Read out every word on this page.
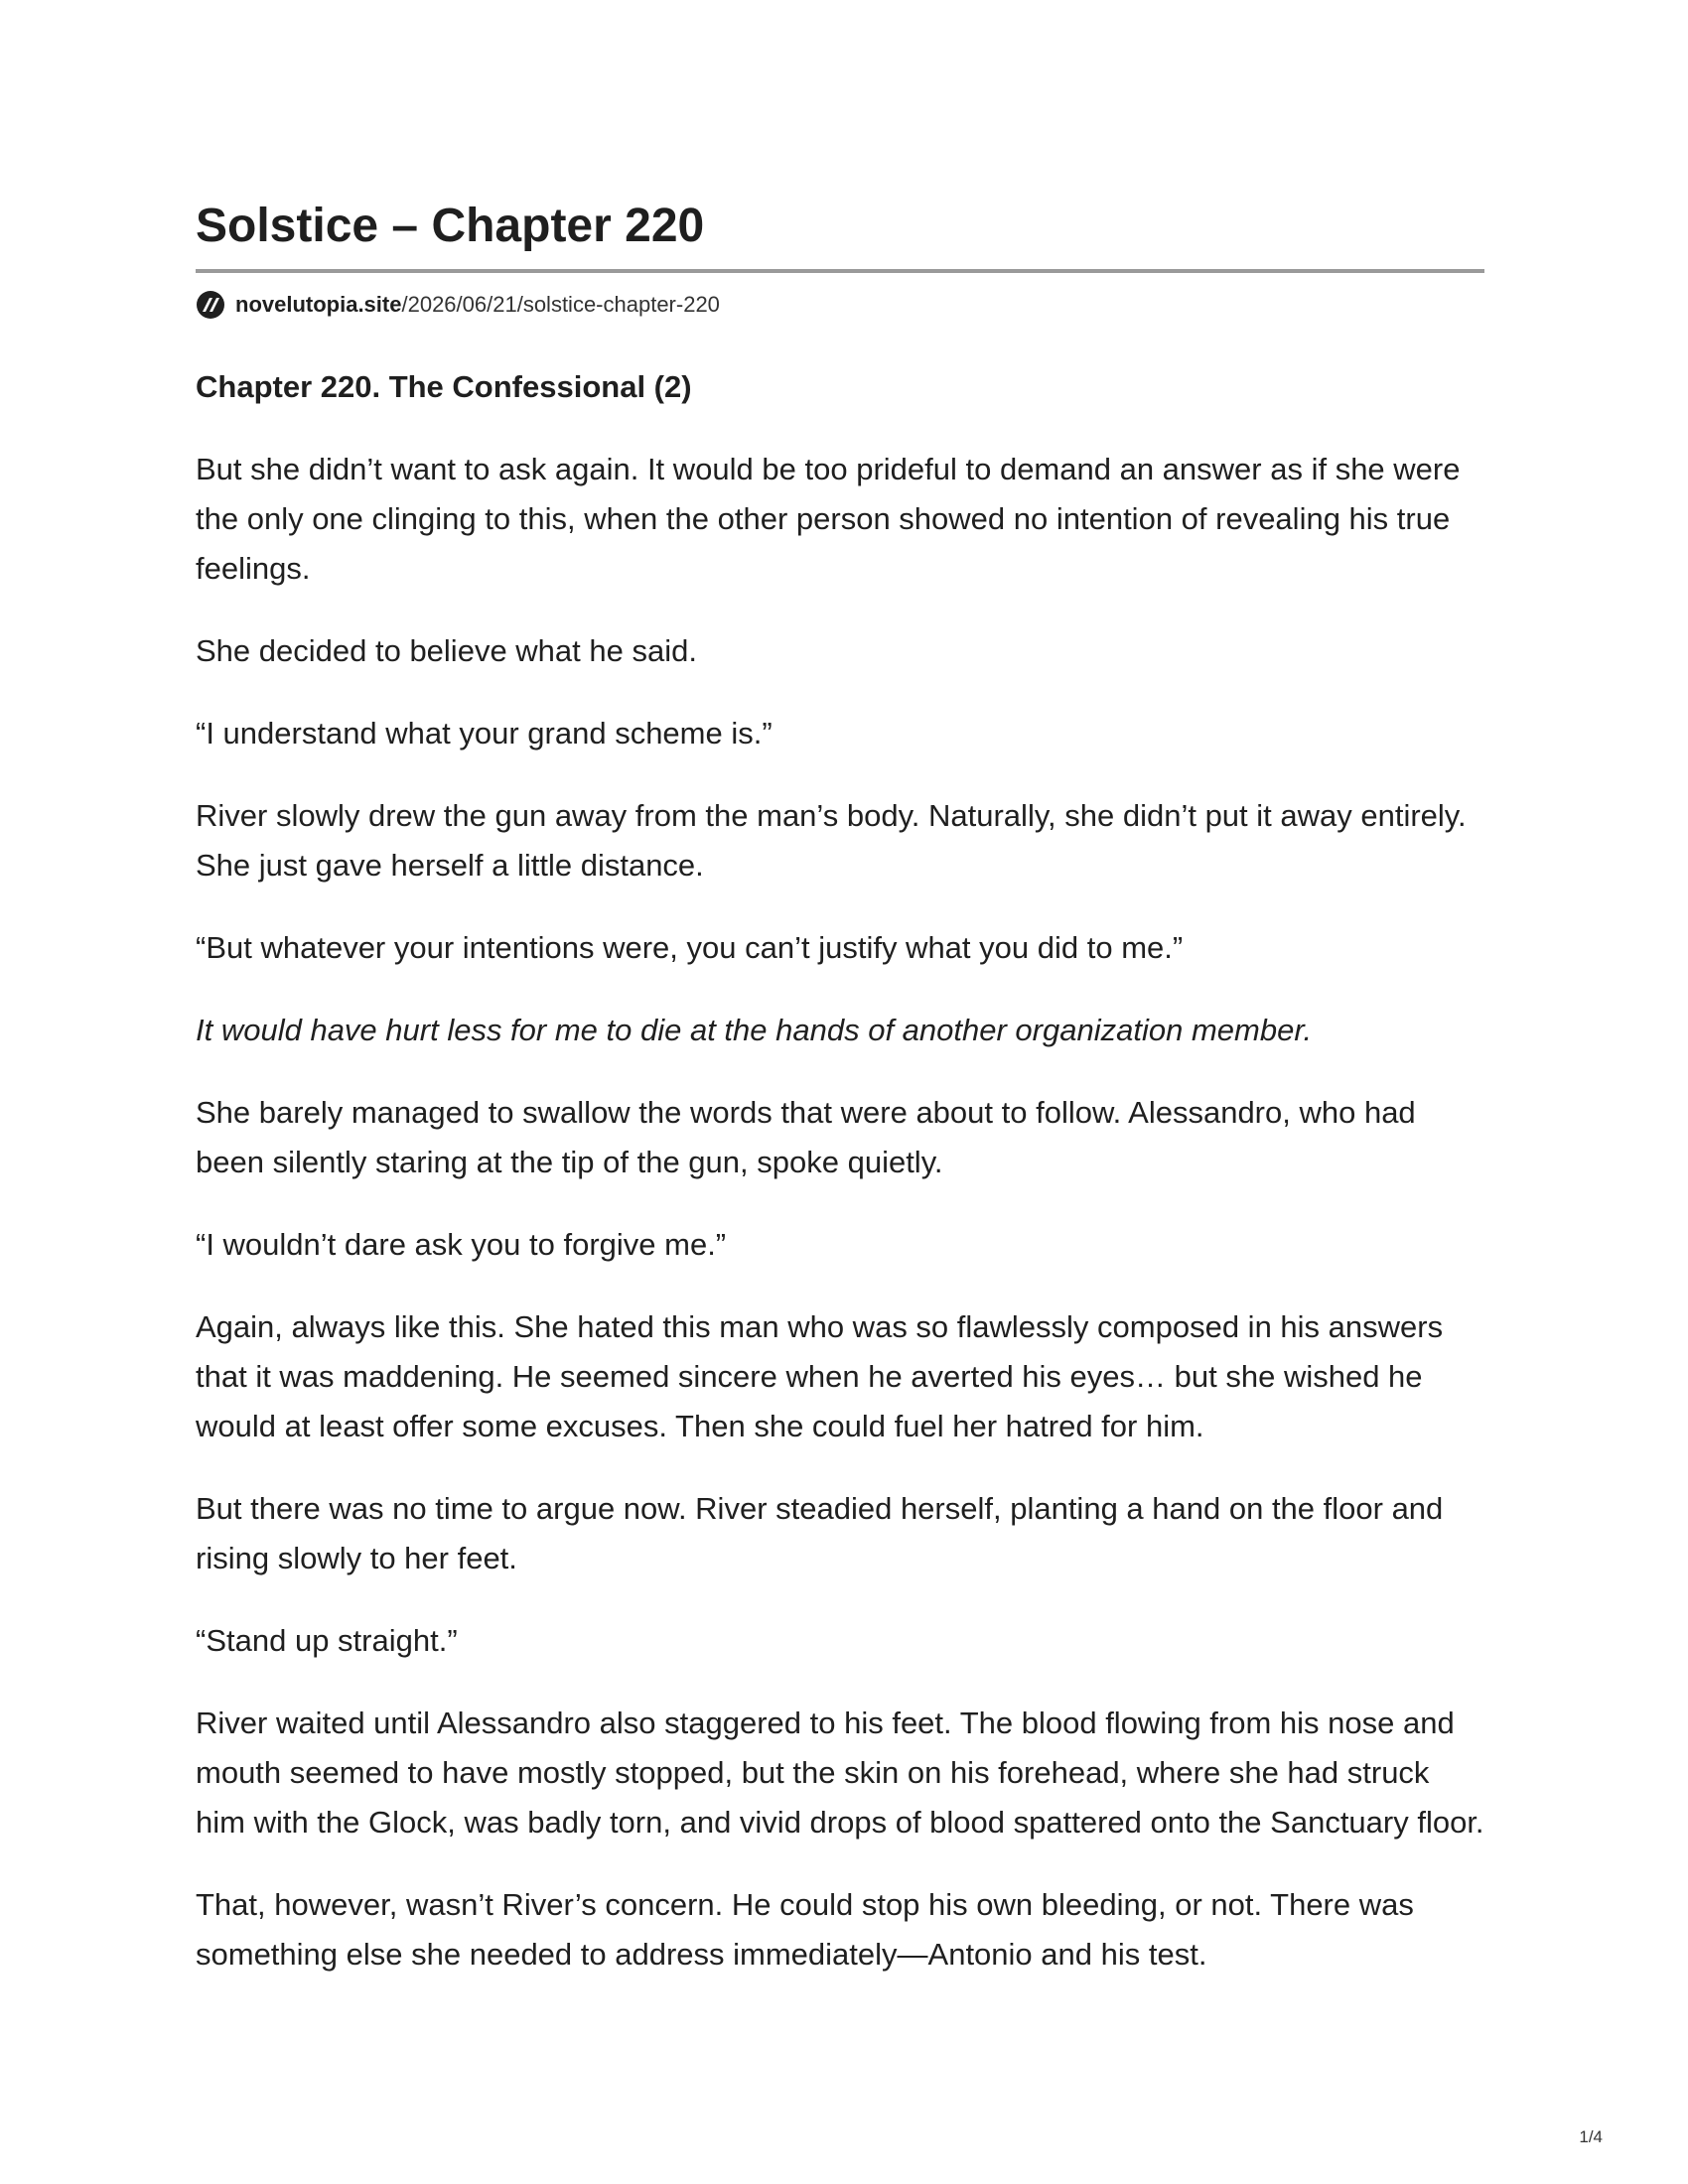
Solstice – Chapter 220
novelutopia.site /2026/06/21/solstice-chapter-220

Chapter 220. The Confessional (2)

But she didn’t want to ask again. It would be too prideful to demand an answer as if she were the only one clinging to this, when the other person showed no intention of revealing his true feelings.

She decided to believe what he said.

“I understand what your grand scheme is.”

River slowly drew the gun away from the man’s body. Naturally, she didn’t put it away entirely. She just gave herself a little distance.

“But whatever your intentions were, you can’t justify what you did to me.”

It would have hurt less for me to die at the hands of another organization member.

She barely managed to swallow the words that were about to follow. Alessandro, who had been silently staring at the tip of the gun, spoke quietly.

“I wouldn’t dare ask you to forgive me.”

Again, always like this. She hated this man who was so flawlessly composed in his answers that it was maddening. He seemed sincere when he averted his eyes… but she wished he would at least offer some excuses. Then she could fuel her hatred for him.

But there was no time to argue now. River steadied herself, planting a hand on the floor and rising slowly to her feet.

“Stand up straight.”

River waited until Alessandro also staggered to his feet. The blood flowing from his nose and mouth seemed to have mostly stopped, but the skin on his forehead, where she had struck him with the Glock, was badly torn, and vivid drops of blood spattered onto the Sanctuary floor.

That, however, wasn’t River’s concern. He could stop his own bleeding, or not. There was something else she needed to address immediately—Antonio and his test.

1/4
